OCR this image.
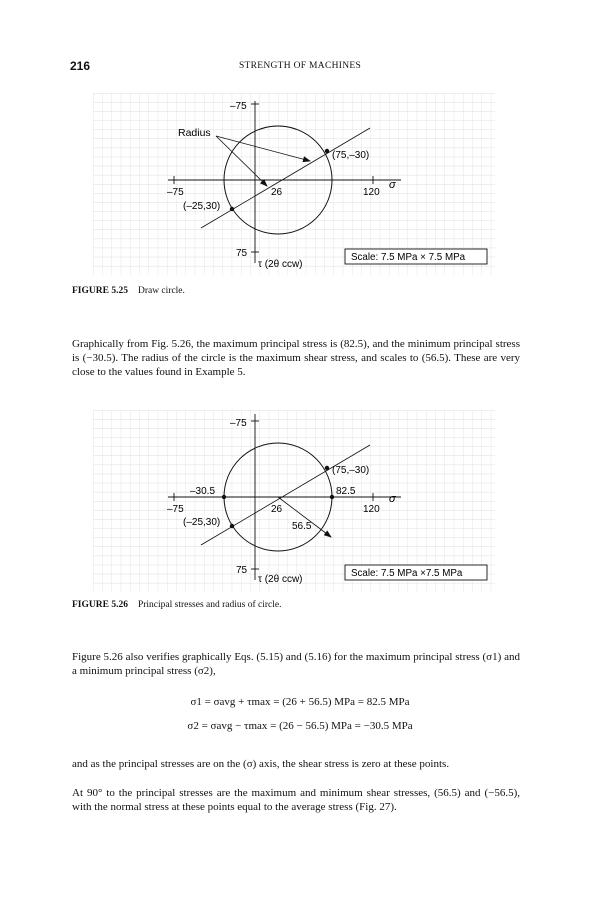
216	STRENGTH OF MACHINES
Radius
–75
75
–75	26	120
σ
(75,–30)
(–25,30)
τ (2θ ccw)
Scale: 7.5 MPa × 7.5 MPa
FIGURE 5.25 Draw circle.
Graphically from Fig. 5.26, the maximum principal stress is (82.5), and the minimum principal stress is (−30.5). The radius of the circle is the maximum shear stress, and scales to (56.5). These are very close to the values found in Example 5.
–75
75
–75
–30.5
26
56.5
82.5
120
σ
(75,–30)
(–25,30)
τ (2θ ccw)
Scale: 7.5 MPa ×7.5 MPa
FIGURE 5.26 Principal stresses and radius of circle.
Figure 5.26 also verifies graphically Eqs. (5.15) and (5.16) for the maximum principal stress (σ1) and a minimum principal stress (σ2),
σ1 = σavg + τmax = (26 + 56.5) MPa = 82.5 MPa
σ2 = σavg − τmax = (26 − 56.5) MPa = −30.5 MPa
and as the principal stresses are on the (σ) axis, the shear stress is zero at these points.
At 90° to the principal stresses are the maximum and minimum shear stresses, (56.5) and (−56.5), with the normal stress at these points equal to the average stress (Fig. 27).
